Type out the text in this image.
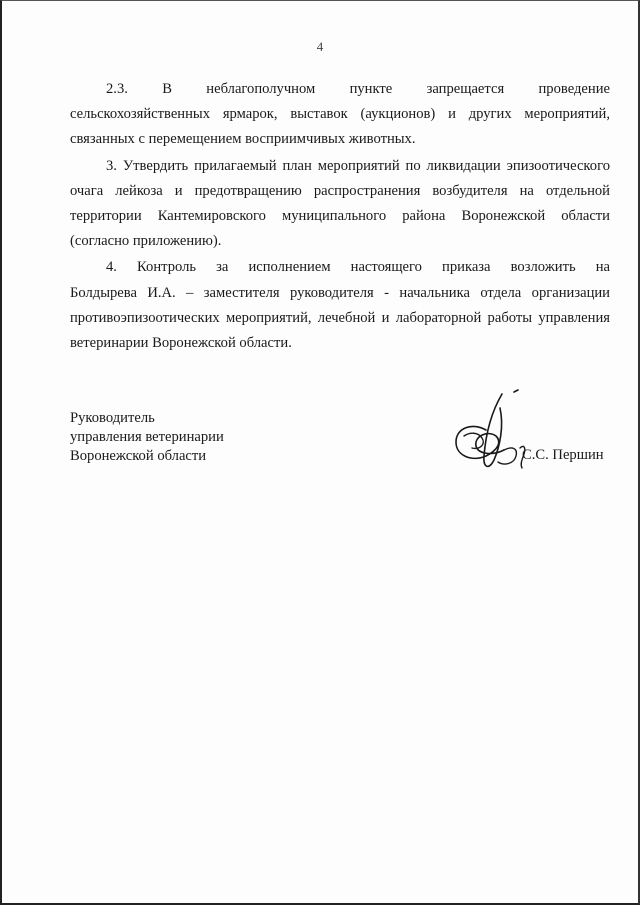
4

2.3. В неблагополучном пункте запрещается проведение
сельскохозяйственных ярмарок, выставок (аукционов) и других мероприятий,
связанных с перемещением восприимчивых животных.

3. Утвердить прилагаемый план мероприятий по ликвидации эпизоотического
очага лейкоза и предотвращению распространения возбудителя на отдельной
территории Кантемировского муниципального района Воронежской области
(согласно приложению).

4. Контроль за исполнением настоящего приказа возложить на
Болдырева И.А. – заместителя руководителя - начальника отдела организации
противоэпизоотических мероприятий, лечебной и лабораторной работы управления
ветеринарии Воронежской области.

Руководитель
управления ветеринарии
Воронежской области	С.С. Першин
